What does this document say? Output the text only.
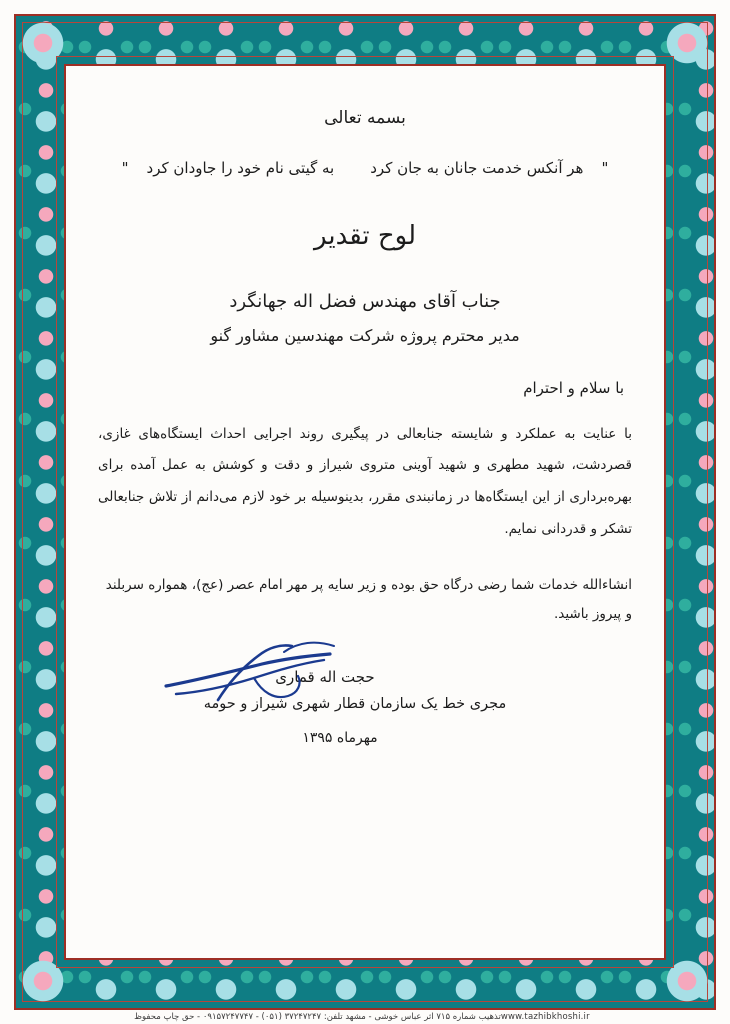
بسمه تعالی
"هر آنکس خدمت جانان به جان کردبه گیتی نام خود را جاودان کرد"
لوح تقدیر
جناب آقای مهندس فضل اله جهانگرد
مدیر محترم پروژه شرکت مهندسین مشاور گنو
با سلام و احترام
با عنایت به عملکرد و شایسته جنابعالی در پیگیری روند اجرایی احداث ایستگاه‌های غازی، قصردشت، شهید مطهری و شهید آوینی متروی شیراز و دقت و کوشش به عمل آمده برای بهره‌برداری از این ایستگاه‌ها در زمانبندی مقرر، بدینوسیله بر خود لازم می‌دانم از تلاش جنابعالی تشکر و قدردانی نمایم.
انشاءالله خدمات شما رضی درگاه حق بوده و زیر سایه پر مهر امام عصر (عج)، همواره سربلند و پیروز باشید.
حجت اله قماری
مجری خط یک سازمان قطار شهری شیراز و حومه
مهرماه ۱۳۹۵
www.tazhibkhoshi.irتذهیب شماره ۷۱۵ اثر عباس خوشی - مشهد تلفن: ۳۷۲۴۷۲۴۷ (۰۵۱) - ۰۹۱۵۷۲۴۷۷۴۷ - حق چاپ محفوظ
